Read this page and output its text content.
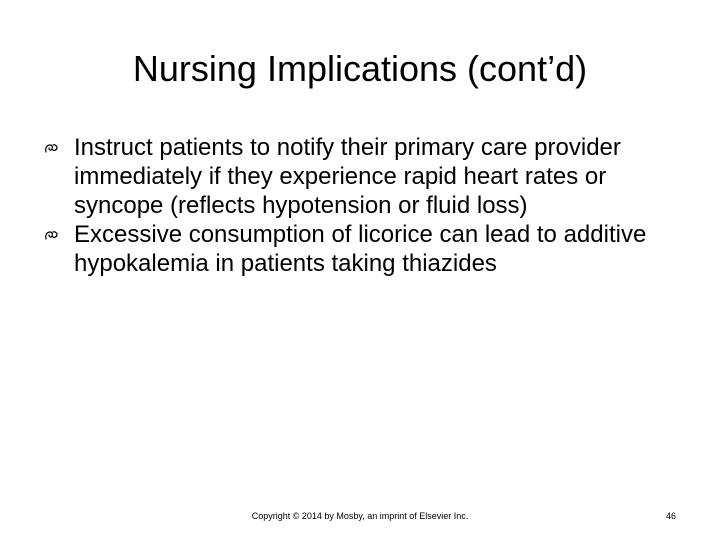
Nursing Implications (cont’d)
Instruct patients to notify their primary care provider immediately if they experience rapid heart rates or syncope (reflects hypotension or fluid loss)
Excessive consumption of licorice can lead to additive hypokalemia in patients taking thiazides
Copyright © 2014 by Mosby, an imprint of Elsevier Inc.	46
